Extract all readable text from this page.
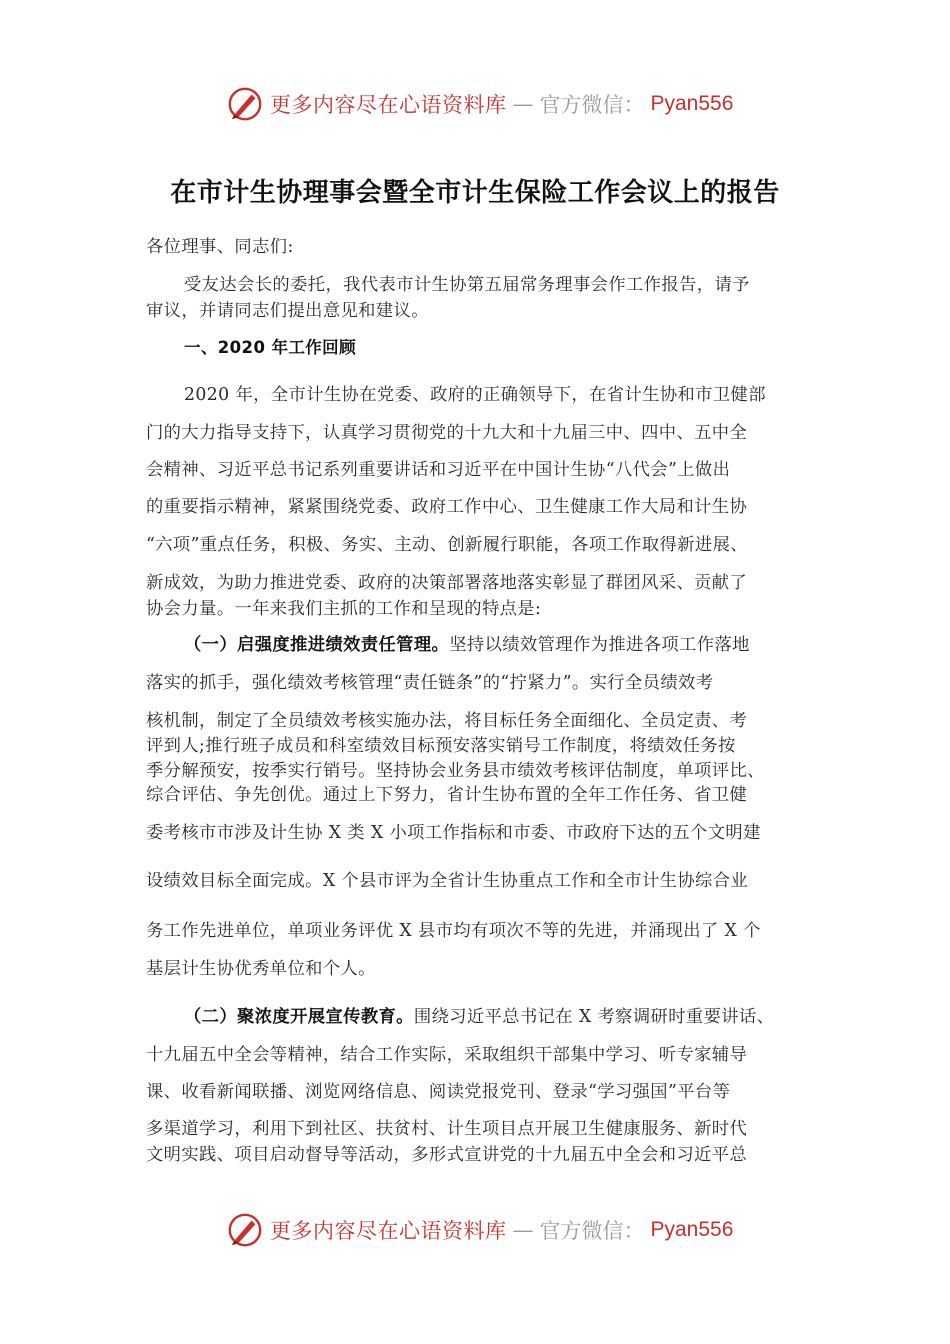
更多内容尽在心语资料库 — 官方微信： Pyan556
在市计生协理事会暨全市计生保险工作会议上的报告
各位理事、同志们:
受友达会长的委托，我代表市计生协第五届常务理事会作工作报告，请予
审议，并请同志们提出意见和建议。
一、2020 年工作回顾
2020 年，全市计生协在党委、政府的正确领导下，在省计生协和市卫健部
门的大力指导支持下，认真学习贯彻党的十九大和十九届三中、四中、五中全
会精神、习近平总书记系列重要讲话和习近平在中国计生协“八代会”上做出
的重要指示精神，紧紧围绕党委、政府工作中心、卫生健康工作大局和计生协
“六项”重点任务，积极、务实、主动、创新履行职能，各项工作取得新进展、
新成效，为助力推进党委、政府的决策部署落地落实彰显了群团风采、贡献了
协会力量。一年来我们主抓的工作和呈现的特点是:
（一）启强度推进绩效责任管理。坚持以绩效管理作为推进各项工作落地
落实的抓手，强化绩效考核管理“责任链条”的“拧紧力”。实行全员绩效考
核机制，制定了全员绩效考核实施办法，将目标任务全面细化、全员定责、考
评到人;推行班子成员和科室绩效目标预安落实销号工作制度，将绩效任务按
季分解预安，按季实行销号。坚持协会业务县市绩效考核评估制度，单项评比、
综合评估、争先创优。通过上下努力，省计生协布置的全年工作任务、省卫健
委考核市市涉及计生协 X 类 X 小项工作指标和市委、市政府下达的五个文明建
设绩效目标全面完成。X 个县市评为全省计生协重点工作和全市计生协综合业
务工作先进单位，单项业务评优 X 县市均有项次不等的先进，并涌现出了 X 个
基层计生协优秀单位和个人。
（二）聚浓度开展宣传教育。围绕习近平总书记在 X 考察调研时重要讲话、
十九届五中全会等精神，结合工作实际，采取组织干部集中学习、听专家辅导
课、收看新闻联播、浏览网络信息、阅读党报党刊、登录“学习强国”平台等
多渠道学习，利用下到社区、扶贫村、计生项目点开展卫生健康服务、新时代
文明实践、项目启动督导等活动，多形式宣讲党的十九届五中全会和习近平总
更多内容尽在心语资料库 — 官方微信： Pyan556
